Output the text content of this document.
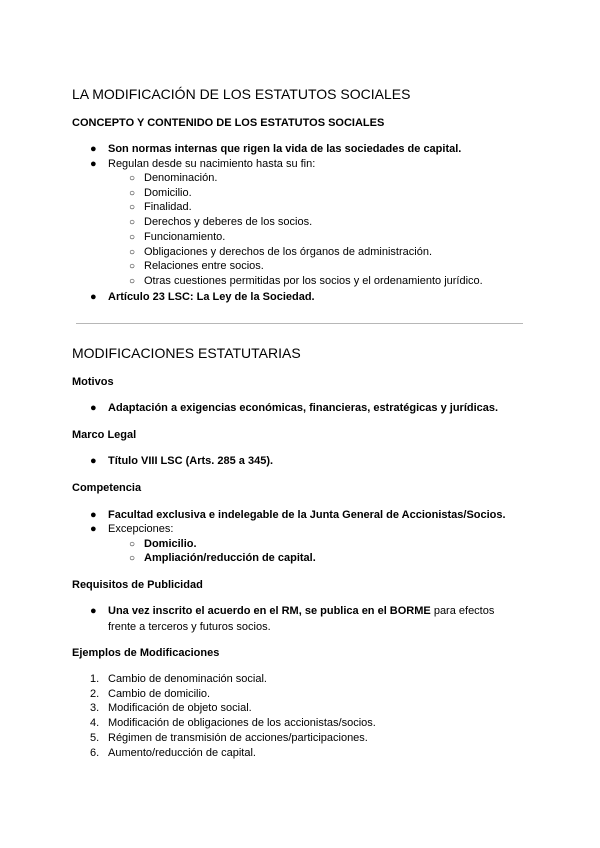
LA MODIFICACIÓN DE LOS ESTATUTOS SOCIALES
CONCEPTO Y CONTENIDO DE LOS ESTATUTOS SOCIALES
● Son normas internas que rigen la vida de las sociedades de capital.
● Regulan desde su nacimiento hasta su fin:
○ Denominación.
○ Domicilio.
○ Finalidad.
○ Derechos y deberes de los socios.
○ Funcionamiento.
○ Obligaciones y derechos de los órganos de administración.
○ Relaciones entre socios.
○ Otras cuestiones permitidas por los socios y el ordenamiento jurídico.
● Artículo 23 LSC: La Ley de la Sociedad.
MODIFICACIONES ESTATUTARIAS
Motivos
● Adaptación a exigencias económicas, financieras, estratégicas y jurídicas.
Marco Legal
● Título VIII LSC (Arts. 285 a 345).
Competencia
● Facultad exclusiva e indelegable de la Junta General de Accionistas/Socios.
● Excepciones:
○ Domicilio.
○ Ampliación/reducción de capital.
Requisitos de Publicidad
● Una vez inscrito el acuerdo en el RM, se publica en el BORME para efectos
frente a terceros y futuros socios.
Ejemplos de Modificaciones
1. Cambio de denominación social.
2. Cambio de domicilio.
3. Modificación de objeto social.
4. Modificación de obligaciones de los accionistas/socios.
5. Régimen de transmisión de acciones/participaciones.
6. Aumento/reducción de capital.
